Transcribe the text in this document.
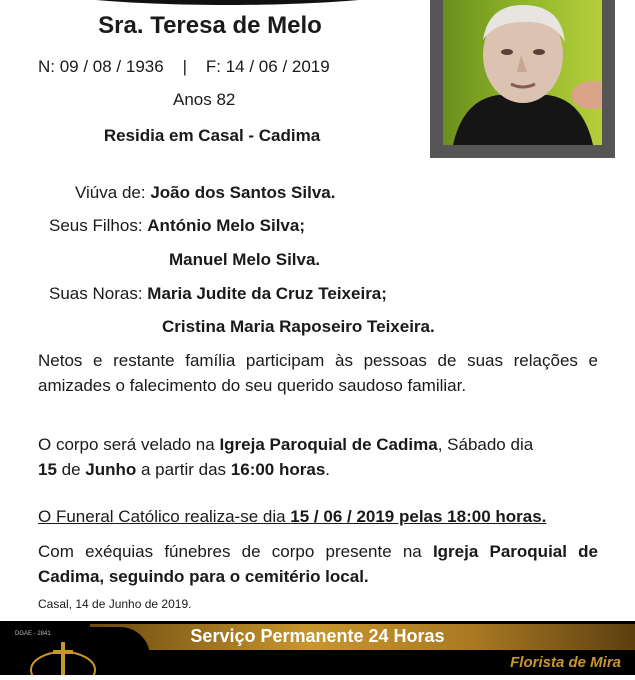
Sra. Teresa de Melo
N: 09 / 08 / 1936    |    F: 14 / 06 / 2019
Anos 82
Residia em Casal - Cadima
Viúva de: João dos Santos Silva.
Seus Filhos: António Melo Silva;
Manuel Melo Silva.
Suas Noras: Maria Judite da Cruz Teixeira;
Cristina Maria Raposeiro Teixeira.
Netos e restante família participam às pessoas de suas relações e amizades o falecimento do seu querido saudoso familiar.
O corpo será velado na Igreja Paroquial de Cadima, Sábado dia
15 de Junho a partir das 16:00 horas.
O Funeral Católico realiza-se dia 15 / 06 / 2019 pelas 18:00 horas.
Com exéquias fúnebres de corpo presente na Igreja Paroquial de Cadima, seguindo para o cemitério local.
Casal, 14 de Junho de 2019.
DGAE - 2841	Serviço Permanente 24 Horas
Florista de Mira
